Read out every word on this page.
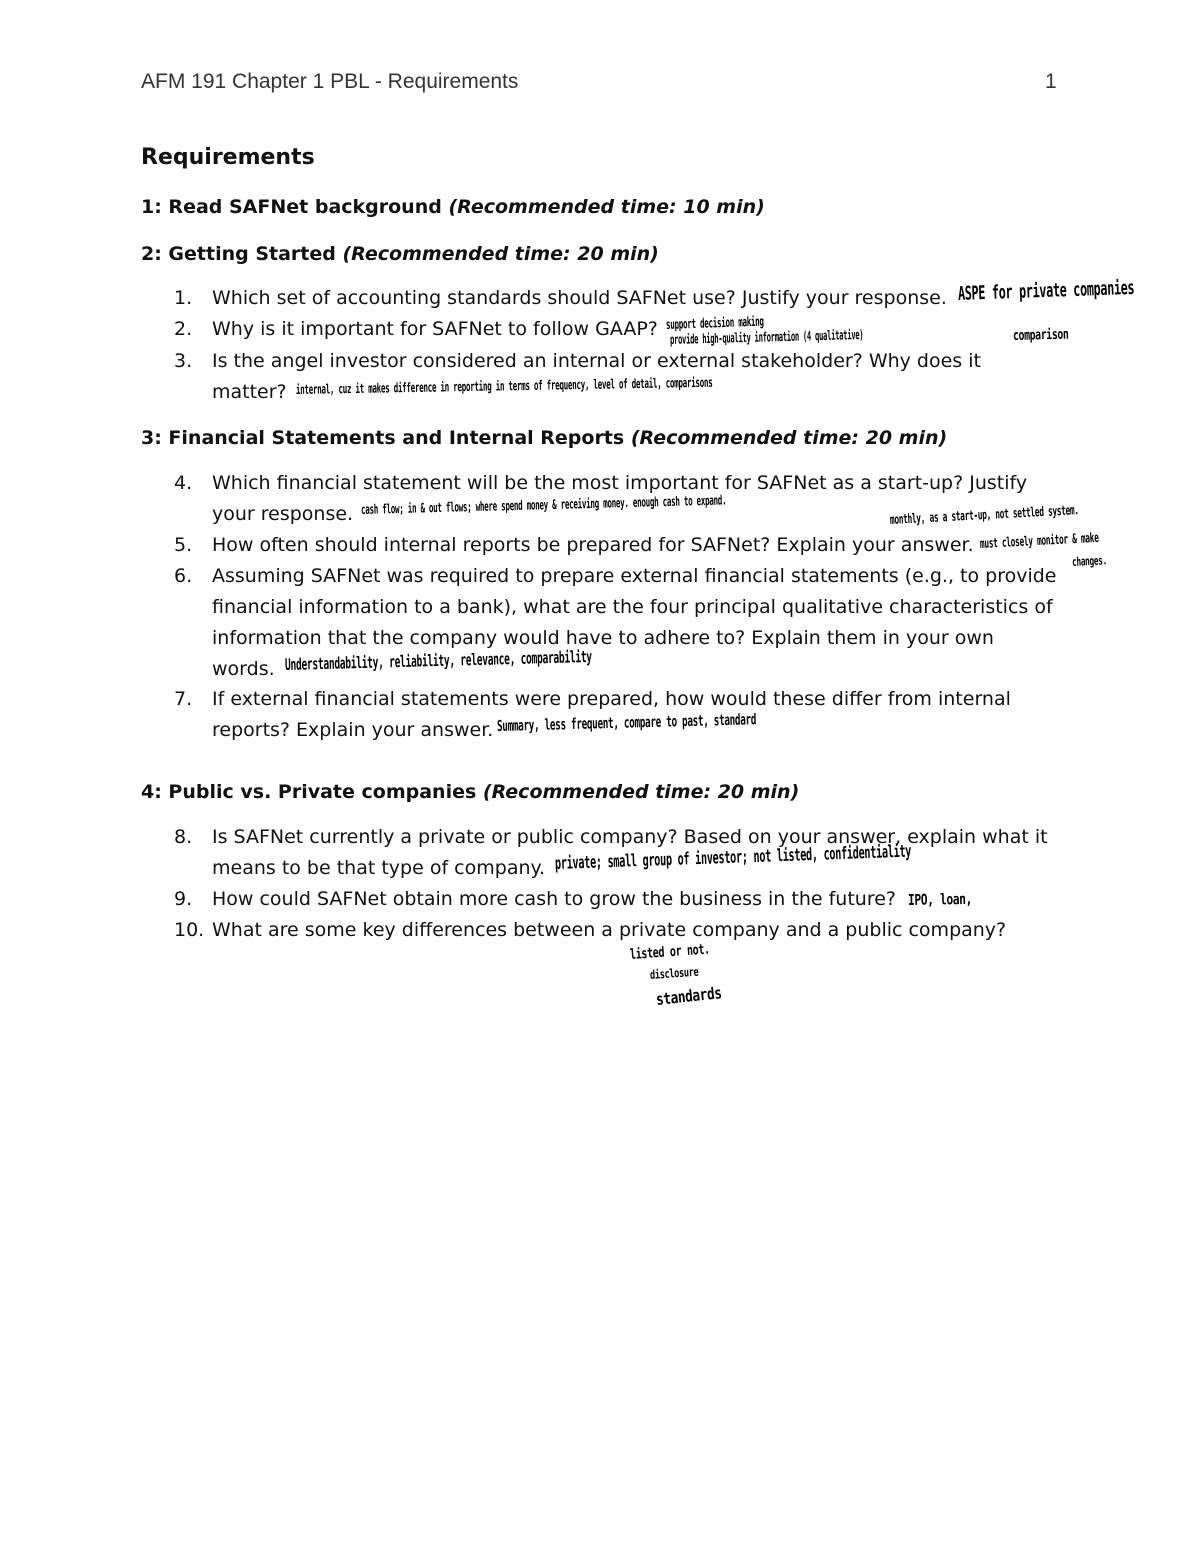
AFM 191 Chapter 1 PBL - Requirements	1
Requirements
1: Read SAFNet background (Recommended time: 10 min)
2: Getting Started (Recommended time: 20 min)
1. Which set of accounting standards should SAFNet use? Justify your response. ASPE for private companies
2. Why is it important for SAFNet to follow GAAP? support decision making
provide high-quality information (4 qualitative)	comparison
3. Is the angel investor considered an internal or external stakeholder? Why does it
matter? internal, cuz it makes difference in reporting in terms of frequency, level of detail, comparisons
3: Financial Statements and Internal Reports (Recommended time: 20 min)
4. Which financial statement will be the most important for SAFNet as a start-up? Justify
your response. cash flow; in & out flows; where spend money & receiving money. enough cash to expand.
5. How often should internal reports be prepared for SAFNet? Explain your answer.
monthly, as a start-up, not settled system.
must closely monitor & make
changes.
6. Assuming SAFNet was required to prepare external financial statements (e.g., to provide
financial information to a bank), what are the four principal qualitative characteristics of
information that the company would have to adhere to? Explain them in your own
words. Understandability, reliability, relevance, comparability
7. If external financial statements were prepared, how would these differ from internal
reports? Explain your answer. Summary, less frequent, compare to past, standard
4: Public vs. Private companies (Recommended time: 20 min)
8. Is SAFNet currently a private or public company? Based on your answer, explain what it
means to be that type of company. private; small group of investor; not listed, confidentiality
9. How could SAFNet obtain more cash to grow the business in the future? IPO, loan,
10. What are some key differences between a private company and a public company?
listed or not.
disclosure
standards
